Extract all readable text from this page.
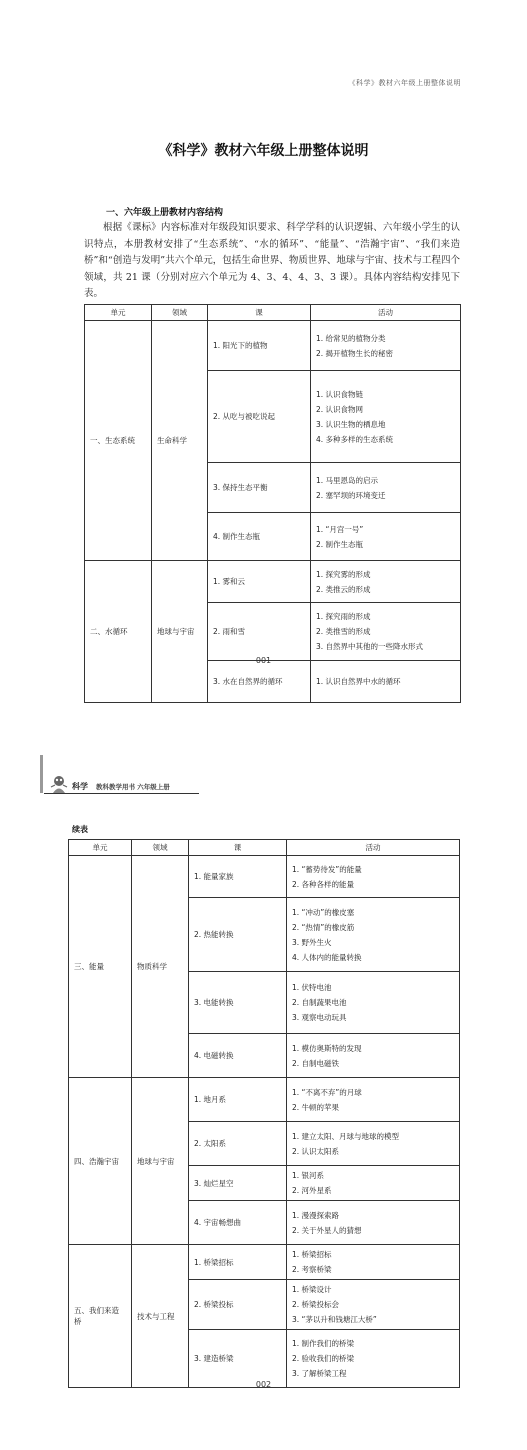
《科学》教材六年级上册整体说明
《科学》教材六年级上册整体说明
一、六年级上册教材内容结构

根据《课标》内容标准对年级段知识要求、科学学科的认识逻辑、六年级小学生的认识特点，本册教材安排了“生态系统”、“水的循环”、“能量”、“浩瀚宇宙”、“我们来造桥”和“创造与发明”共六个单元，包括生命世界、物质世界、地球与宇宙、技术与工程四个领域，共 21 课（分别对应六个单元为 4、3、4、4、3、3 课）。具体内容结构安排见下表。

单元	领域	课	活动
一、生态系统	生命科学	1. 阳光下的植物	1. 给常见的植物分类
2. 揭开植物生长的秘密

		2. 从吃与被吃说起	1. 认识食物链
2. 认识食物网
3. 认识生物的栖息地
4. 多种多样的生态系统

		3. 保持生态平衡	1. 马里恩岛的启示
2. 塞罕坝的环境变迁

		4. 制作生态瓶	1. “月宫一号”
2. 制作生态瓶

二、水循环	地球与宇宙	1. 雾和云	1. 探究雾的形成
2. 类推云的形成

		2. 雨和雪	1. 探究雨的形成
2. 类推雪的形成
3. 自然界中其他的一些降水形式

		3. 水在自然界的循环	1. 认识自然界中水的循环
001
科学 教科教学用书 六年级上册
续表
单元	领域	课	活动
三、能量	物质科学	1. 能量家族	1. “蓄势待发”的能量
2. 各种各样的能量

		2. 热能转换	1. “冲动”的橡皮塞
2. “热情”的橡皮筋
3. 野外生火
4. 人体内的能量转换

		3. 电能转换	1. 伏特电池
2. 自制蔬果电池
3. 观察电动玩具

		4. 电磁转换	1. 模仿奥斯特的发现
2. 自制电磁铁

四、浩瀚宇宙	地球与宇宙	1. 地月系	1. “不离不弃”的月球
2. 牛顿的苹果

		2. 太阳系	1. 建立太阳、月球与地球的模型
2. 认识太阳系

		3. 灿烂星空	1. 银河系
2. 河外星系

		4. 宇宙畅想曲	1. 漫漫探索路
2. 关于外星人的猜想

五、我们来造桥	技术与工程	1. 桥梁招标	1. 桥梁招标
2. 考察桥梁

		2. 桥梁投标	1. 桥梁设计
2. 桥梁投标会
3. “茅以升和钱塘江大桥”

		3. 建造桥梁	1. 制作我们的桥梁
2. 验收我们的桥梁
3. 了解桥梁工程
002
